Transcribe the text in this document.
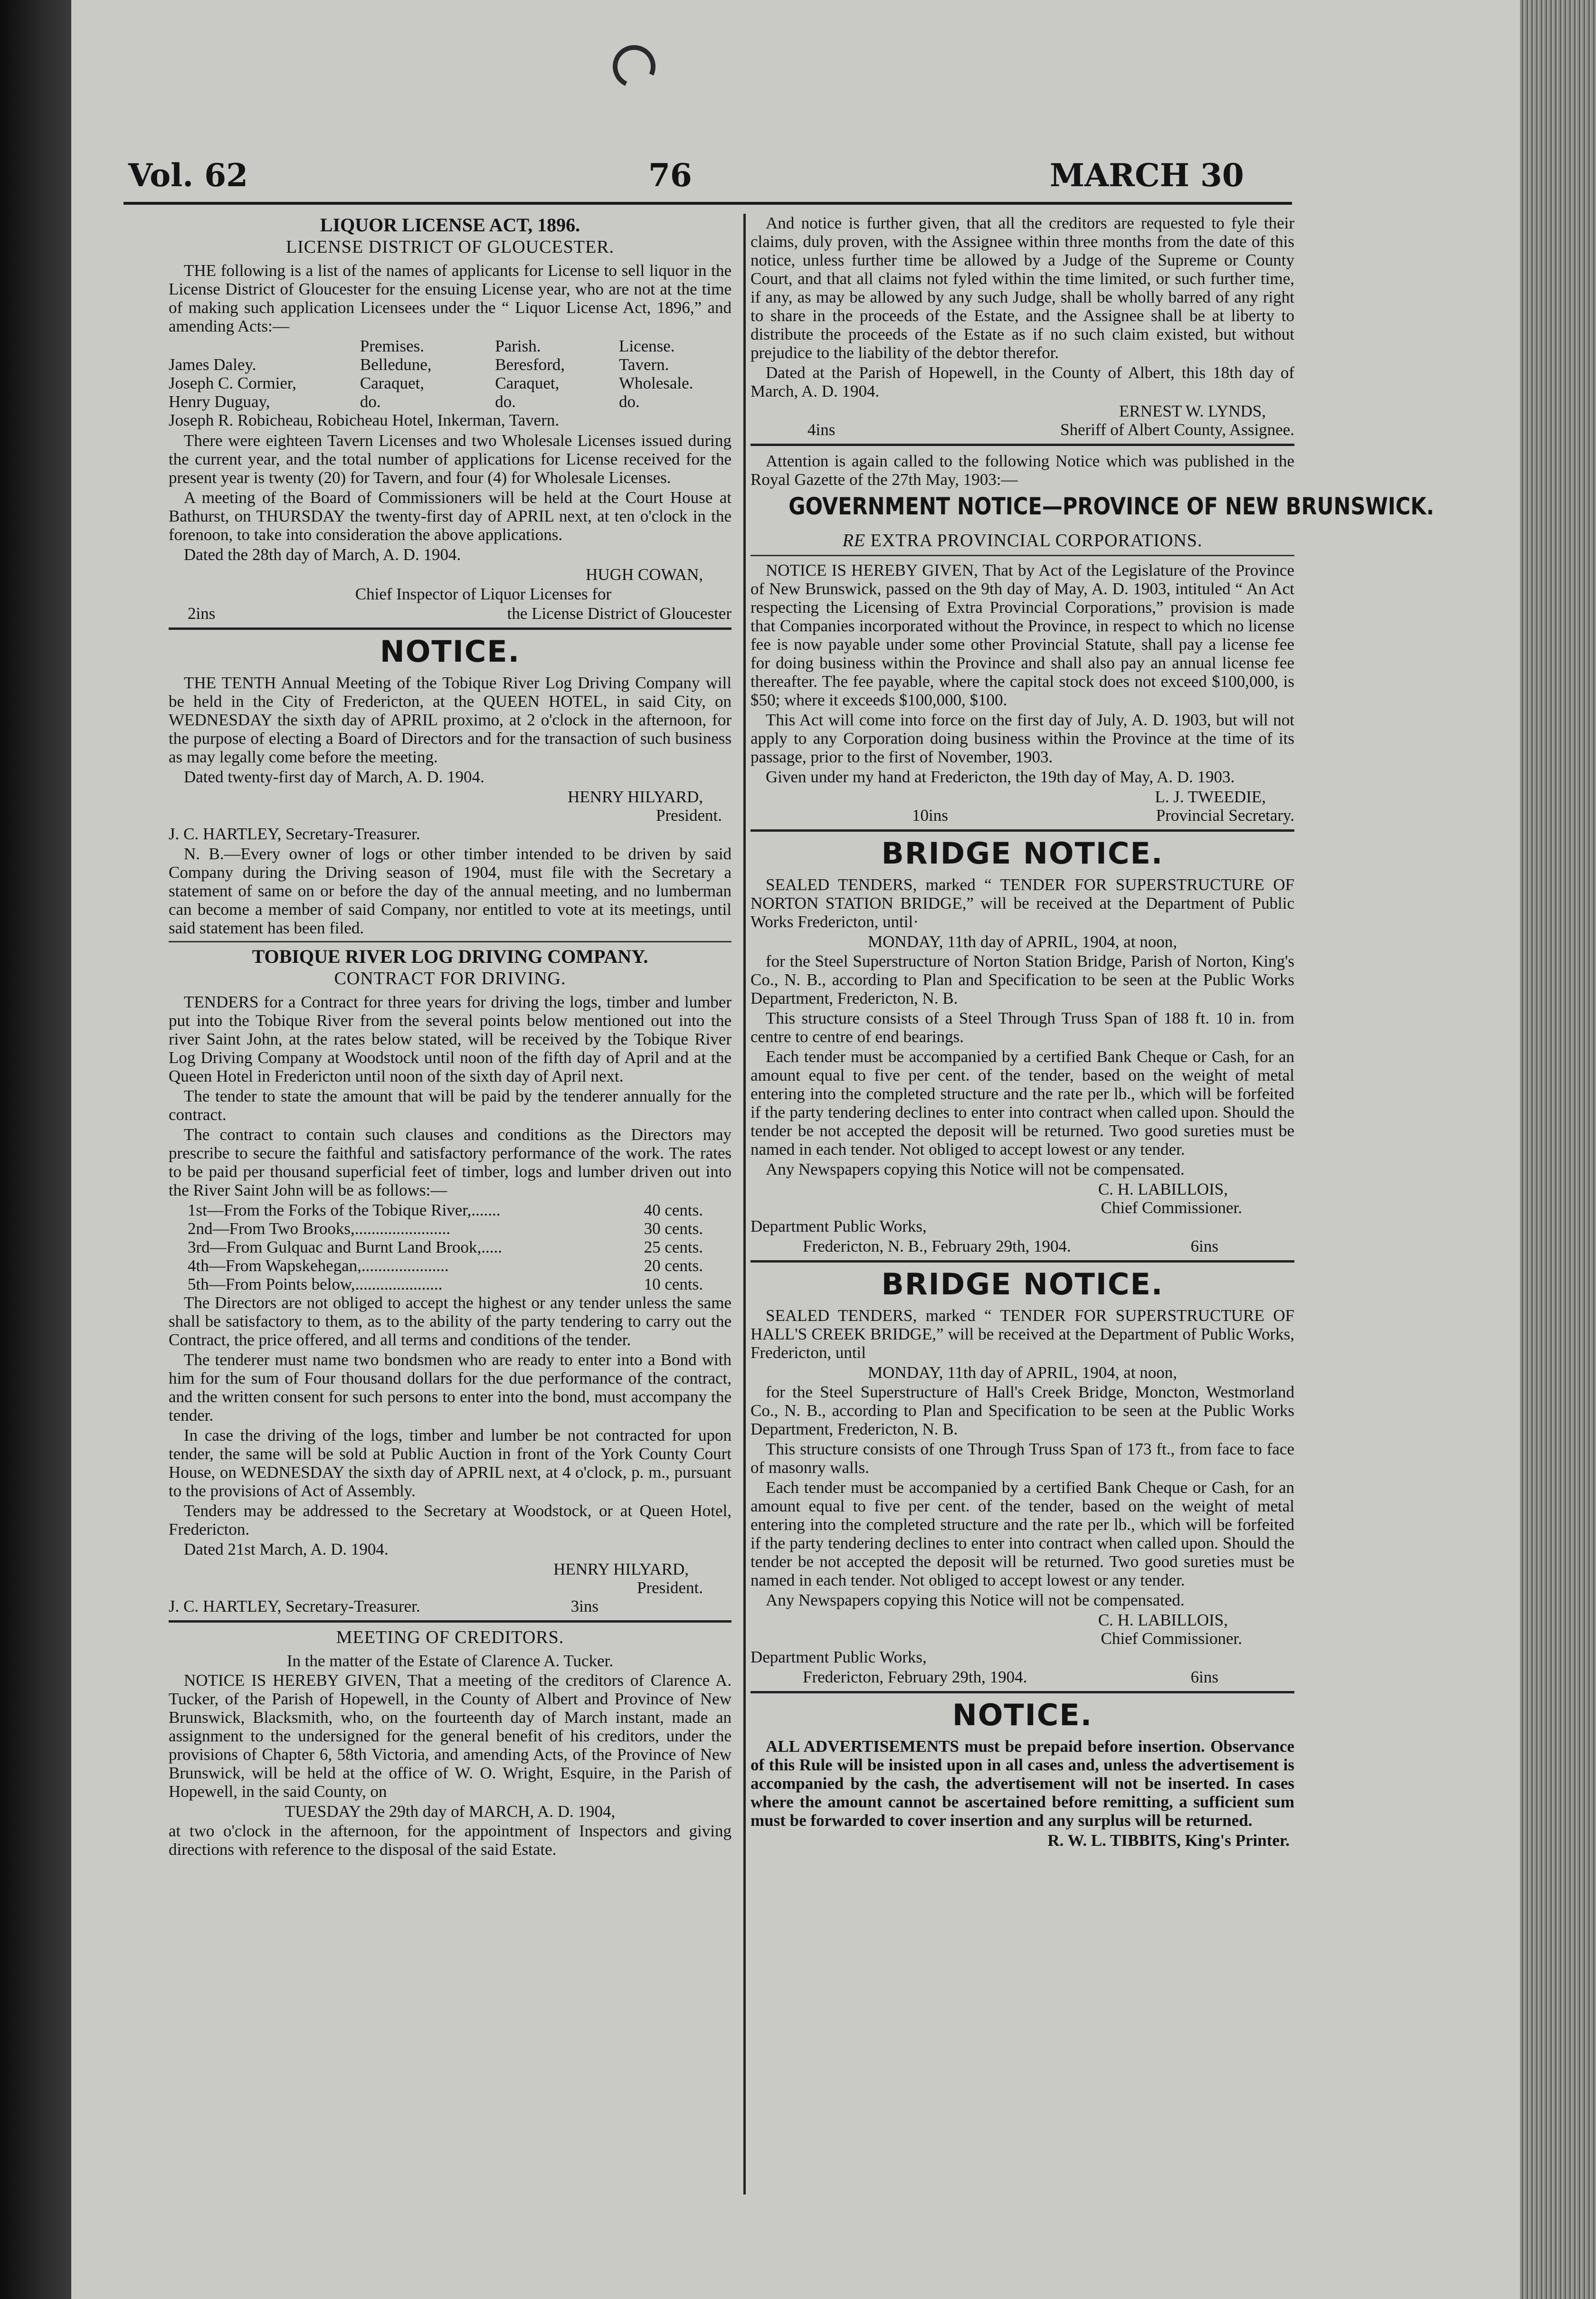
Vol. 62	76	MARCH 30
LIQUOR LICENSE ACT, 1896.
LICENSE DISTRICT OF GLOUCESTER.

THE following is a list of the names of applicants for License to sell liquor in the License District of Gloucester for the ensuing License year, who are not at the time of making such application Licensees under the “ Liquor License Act, 1896,” and amending Acts:—

	Premises.	Parish.	License.
James Daley.	Belledune,	Beresford,	Tavern.
Joseph C. Cormier,	Caraquet,	Caraquet,	Wholesale.
Henry Duguay,	do.	do.	do.
Joseph R. Robicheau, Robicheau Hotel, Inkerman, Tavern.			

There were eighteen Tavern Licenses and two Wholesale Licenses issued during the current year, and the total number of applications for License received for the present year is twenty (20) for Tavern, and four (4) for Wholesale Licenses.

A meeting of the Board of Commissioners will be held at the Court House at Bathurst, on THURSDAY the twenty-first day of APRIL next, at ten o'clock in the forenoon, to take into consideration the above applications.

Dated the 28th day of March, A. D. 1904.

HUGH COWAN,
Chief Inspector of Liquor Licenses for
2ins	the License District of Gloucester
NOTICE.

THE TENTH Annual Meeting of the Tobique River Log Driving Company will be held in the City of Fredericton, at the QUEEN HOTEL, in said City, on WEDNESDAY the sixth day of APRIL proximo, at 2 o'clock in the afternoon, for the purpose of electing a Board of Directors and for the transaction of such business as may legally come before the meeting.

Dated twenty-first day of March, A. D. 1904.

HENRY HILYARD,
President.

J. C. HARTLEY, Secretary-Treasurer.

N. B.—Every owner of logs or other timber intended to be driven by said Company during the Driving season of 1904, must file with the Secretary a statement of same on or before the day of the annual meeting, and no lumberman can become a member of said Company, nor entitled to vote at its meetings, until said statement has been filed.

TOBIQUE RIVER LOG DRIVING COMPANY.
CONTRACT FOR DRIVING.

TENDERS for a Contract for three years for driving the logs, timber and lumber put into the Tobique River from the several points below mentioned out into the river Saint John, at the rates below stated, will be received by the Tobique River Log Driving Company at Woodstock until noon of the fifth day of April and at the Queen Hotel in Fredericton until noon of the sixth day of April next.

The tender to state the amount that will be paid by the tenderer annually for the contract.

The contract to contain such clauses and conditions as the Directors may prescribe to secure the faithful and satisfactory performance of the work. The rates to be paid per thousand superficial feet of timber, logs and lumber driven out into the River Saint John will be as follows:—

1st—From the Forks of the Tobique River,.......	40 cents.
2nd—From Two Brooks,.......................	30 cents.
3rd—From Gulquac and Burnt Land Brook,.....	25 cents.
4th—From Wapskehegan,.....................	20 cents.
5th—From Points below,.....................	10 cents.

The Directors are not obliged to accept the highest or any tender unless the same shall be satisfactory to them, as to the ability of the party tendering to carry out the Contract, the price offered, and all terms and conditions of the tender.

The tenderer must name two bondsmen who are ready to enter into a Bond with him for the sum of Four thousand dollars for the due performance of the contract, and the written consent for such persons to enter into the bond, must accompany the tender.

In case the driving of the logs, timber and lumber be not contracted for upon tender, the same will be sold at Public Auction in front of the York County Court House, on WEDNESDAY the sixth day of APRIL next, at 4 o'clock, p. m., pursuant to the provisions of Act of Assembly.

Tenders may be addressed to the Secretary at Woodstock, or at Queen Hotel, Fredericton.

Dated 21st March, A. D. 1904.

HENRY HILYARD,
President.
J. C. HARTLEY, Secretary-Treasurer.	3ins
MEETING OF CREDITORS.
In the matter of the Estate of Clarence A. Tucker.

NOTICE IS HEREBY GIVEN, That a meeting of the creditors of Clarence A. Tucker, of the Parish of Hopewell, in the County of Albert and Province of New Brunswick, Blacksmith, who, on the fourteenth day of March instant, made an assignment to the undersigned for the general benefit of his creditors, under the provisions of Chapter 6, 58th Victoria, and amending Acts, of the Province of New Brunswick, will be held at the office of W. O. Wright, Esquire, in the Parish of Hopewell, in the said County, on

TUESDAY the 29th day of MARCH, A. D. 1904,

at two o'clock in the afternoon, for the appointment of Inspectors and giving directions with reference to the disposal of the said Estate.

And notice is further given, that all the creditors are requested to fyle their claims, duly proven, with the Assignee within three months from the date of this notice, unless further time be allowed by a Judge of the Supreme or County Court, and that all claims not fyled within the time limited, or such further time, if any, as may be allowed by any such Judge, shall be wholly barred of any right to share in the proceeds of the Estate, and the Assignee shall be at liberty to distribute the proceeds of the Estate as if no such claim existed, but without prejudice to the liability of the debtor therefor.

Dated at the Parish of Hopewell, in the County of Albert, this 18th day of March, A. D. 1904.

ERNEST W. LYNDS,
4ins	Sheriff of Albert County, Assignee.

Attention is again called to the following Notice which was published in the Royal Gazette of the 27th May, 1903:—

GOVERNMENT NOTICE—PROVINCE OF NEW BRUNSWICK.
RE EXTRA PROVINCIAL CORPORATIONS.

NOTICE IS HEREBY GIVEN, That by Act of the Legislature of the Province of New Brunswick, passed on the 9th day of May, A. D. 1903, intituled “ An Act respecting the Licensing of Extra Provincial Corporations,” provision is made that Companies incorporated without the Province, in respect to which no license fee is now payable under some other Provincial Statute, shall pay a license fee for doing business within the Province and shall also pay an annual license fee thereafter. The fee payable, where the capital stock does not exceed $100,000, is $50; where it exceeds $100,000, $100.

This Act will come into force on the first day of July, A. D. 1903, but will not apply to any Corporation doing business within the Province at the time of its passage, prior to the first of November, 1903.

Given under my hand at Fredericton, the 19th day of May, A. D. 1903.

L. J. TWEEDIE,
10ins	Provincial Secretary.
BRIDGE NOTICE.

SEALED TENDERS, marked “ TENDER FOR SUPERSTRUCTURE OF NORTON STATION BRIDGE,” will be received at the Department of Public Works Fredericton, until·

MONDAY, 11th day of APRIL, 1904, at noon,

for the Steel Superstructure of Norton Station Bridge, Parish of Norton, King's Co., N. B., according to Plan and Specification to be seen at the Public Works Department, Fredericton, N. B.

This structure consists of a Steel Through Truss Span of 188 ft. 10 in. from centre to centre of end bearings.

Each tender must be accompanied by a certified Bank Cheque or Cash, for an amount equal to five per cent. of the tender, based on the weight of metal entering into the completed structure and the rate per lb., which will be forfeited if the party tendering declines to enter into contract when called upon. Should the tender be not accepted the deposit will be returned. Two good sureties must be named in each tender. Not obliged to accept lowest or any tender.

Any Newspapers copying this Notice will not be compensated.

C. H. LABILLOIS,
Chief Commissioner.

Department Public Works,

Fredericton, N. B., February 29th, 1904.	6ins
BRIDGE NOTICE.

SEALED TENDERS, marked “ TENDER FOR SUPERSTRUCTURE OF HALL'S CREEK BRIDGE,” will be received at the Department of Public Works, Fredericton, until

MONDAY, 11th day of APRIL, 1904, at noon,

for the Steel Superstructure of Hall's Creek Bridge, Moncton, Westmorland Co., N. B., according to Plan and Specification to be seen at the Public Works Department, Fredericton, N. B.

This structure consists of one Through Truss Span of 173 ft., from face to face of masonry walls.

Each tender must be accompanied by a certified Bank Cheque or Cash, for an amount equal to five per cent. of the tender, based on the weight of metal entering into the completed structure and the rate per lb., which will be forfeited if the party tendering declines to enter into contract when called upon. Should the tender be not accepted the deposit will be returned. Two good sureties must be named in each tender. Not obliged to accept lowest or any tender.

Any Newspapers copying this Notice will not be compensated.

C. H. LABILLOIS,
Chief Commissioner.

Department Public Works,

Fredericton, February 29th, 1904.	6ins
NOTICE.

ALL ADVERTISEMENTS must be prepaid before insertion. Observance of this Rule will be insisted upon in all cases and, unless the advertisement is accompanied by the cash, the advertisement will not be inserted. In cases where the amount cannot be ascertained before remitting, a sufficient sum must be forwarded to cover insertion and any surplus will be returned.

R. W. L. TIBBITS, King's Printer.
